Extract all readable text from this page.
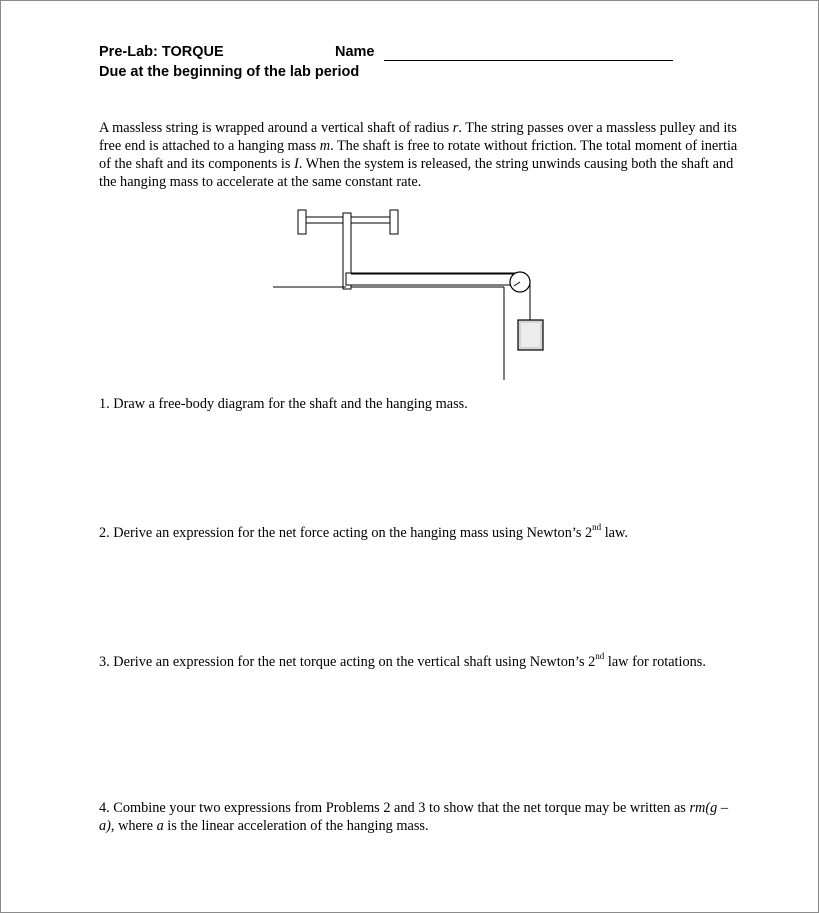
Pre-Lab: TORQUE	Name
Due at the beginning of the lab period
A massless string is wrapped around a vertical shaft of radius r. The string passes over a massless pulley and its free end is attached to a hanging mass m. The shaft is free to rotate without friction. The total moment of inertia of the shaft and its components is I. When the system is released, the string unwinds causing both the shaft and the hanging mass to accelerate at the same constant rate.
1. Draw a free-body diagram for the shaft and the hanging mass.
2. Derive an expression for the net force acting on the hanging mass using Newton’s 2nd law.
3. Derive an expression for the net torque acting on the vertical shaft using Newton’s 2nd law for rotations.
4. Combine your two expressions from Problems 2 and 3 to show that the net torque may be written as rm(g – a), where a is the linear acceleration of the hanging mass.
